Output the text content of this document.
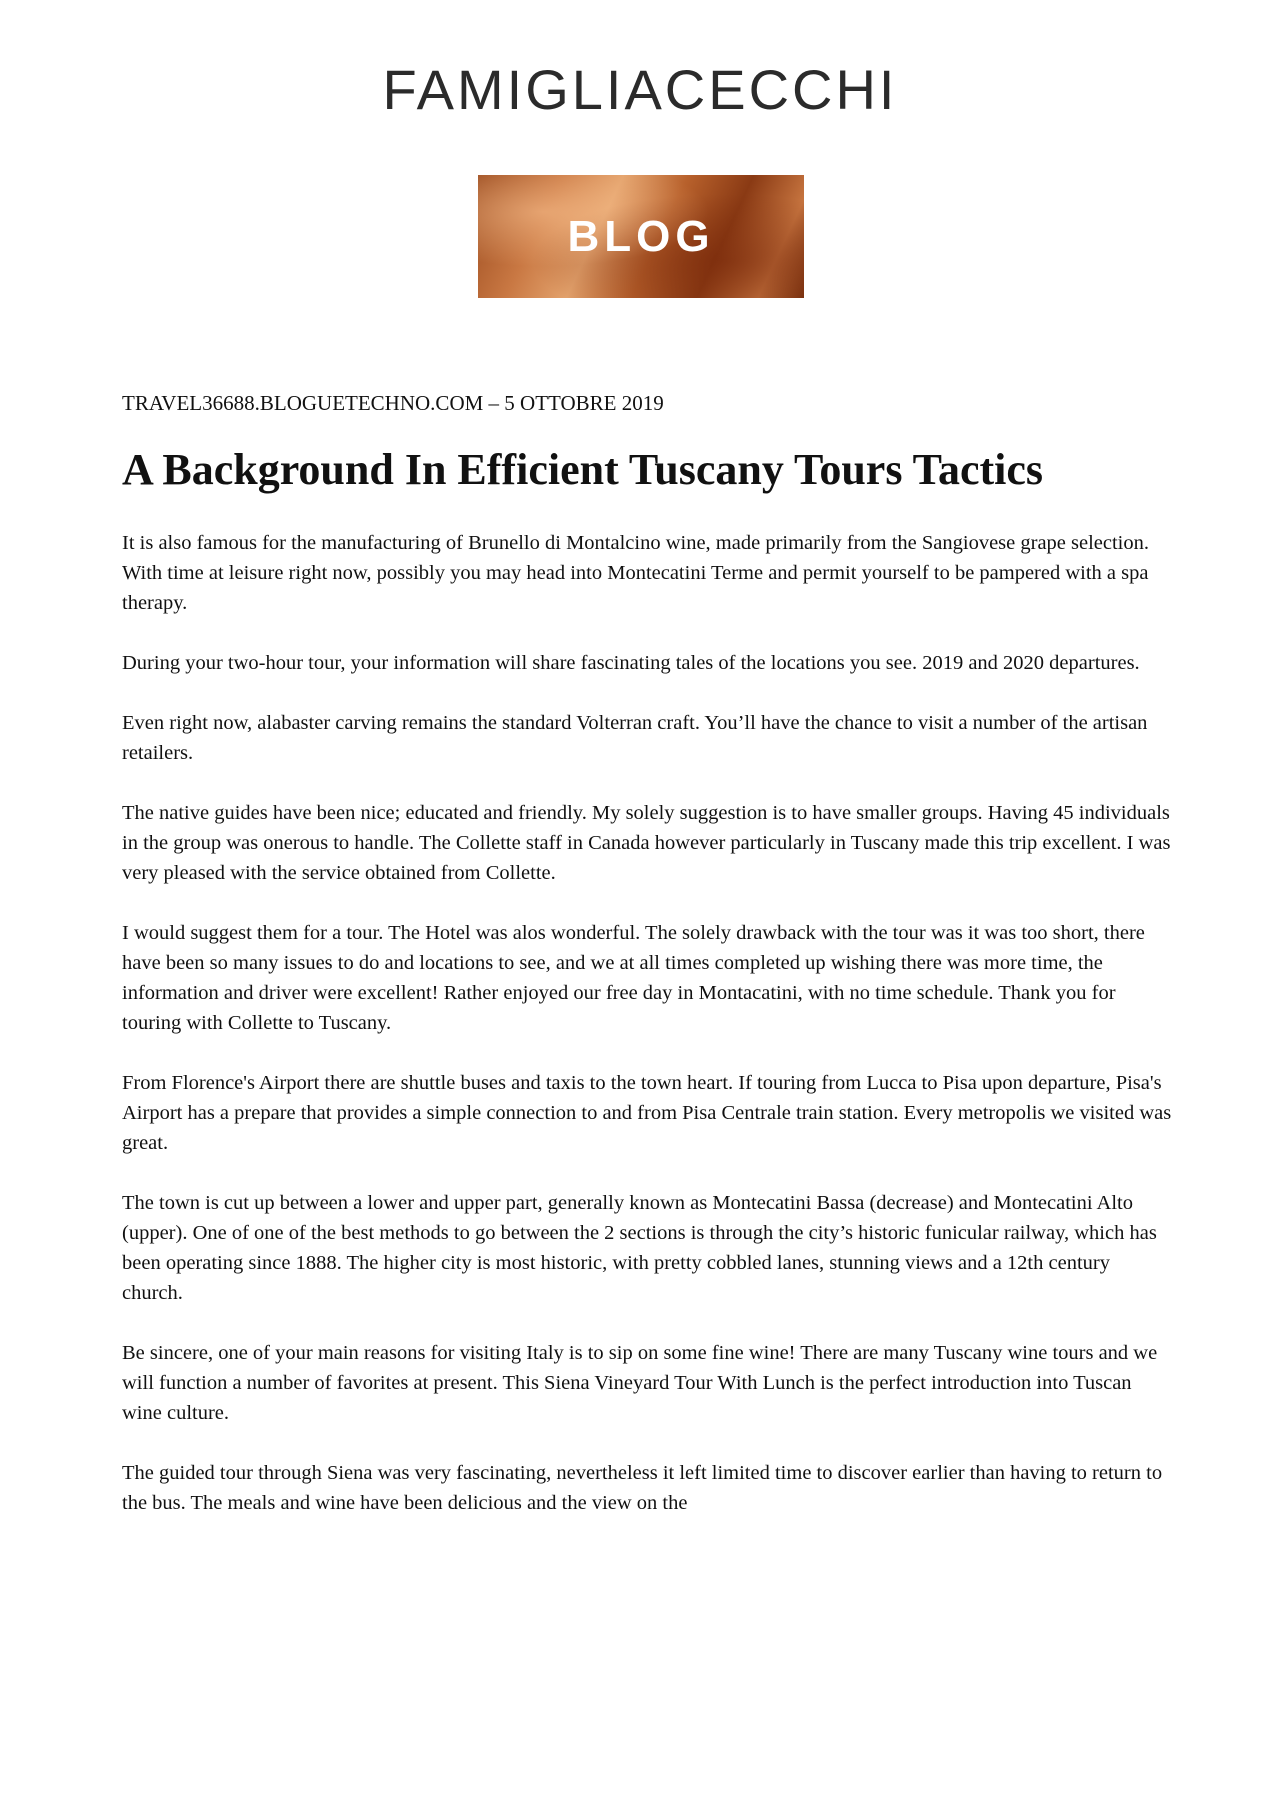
FAMIGLIACECCHI
BLOG
TRAVEL36688.BLOGUETECHNO.COM – 5 OTTOBRE 2019
A Background In Efficient Tuscany Tours Tactics

It is also famous for the manufacturing of Brunello di Montalcino wine, made primarily from the Sangiovese grape selection. With time at leisure right now, possibly you may head into Montecatini Terme and permit yourself to be pampered with a spa therapy.

During your two-hour tour, your information will share fascinating tales of the locations you see. 2019 and 2020 departures.

Even right now, alabaster carving remains the standard Volterran craft. You’ll have the chance to visit a number of the artisan retailers.

The native guides have been nice; educated and friendly. My solely suggestion is to have smaller groups. Having 45 individuals in the group was onerous to handle. The Collette staff in Canada however particularly in Tuscany made this trip excellent. I was very pleased with the service obtained from Collette.

I would suggest them for a tour. The Hotel was alos wonderful. The solely drawback with the tour was it was too short, there have been so many issues to do and locations to see, and we at all times completed up wishing there was more time, the information and driver were excellent! Rather enjoyed our free day in Montacatini, with no time schedule. Thank you for touring with Collette to Tuscany.

From Florence's Airport there are shuttle buses and taxis to the town heart. If touring from Lucca to Pisa upon departure, Pisa's Airport has a prepare that provides a simple connection to and from Pisa Centrale train station. Every metropolis we visited was great.

The town is cut up between a lower and upper part, generally known as Montecatini Bassa (decrease) and Montecatini Alto (upper). One of one of the best methods to go between the 2 sections is through the city’s historic funicular railway, which has been operating since 1888. The higher city is most historic, with pretty cobbled lanes, stunning views and a 12th century church.

Be sincere, one of your main reasons for visiting Italy is to sip on some fine wine! There are many Tuscany wine tours and we will function a number of favorites at present. This Siena Vineyard Tour With Lunch is the perfect introduction into Tuscan wine culture.

The guided tour through Siena was very fascinating, nevertheless it left limited time to discover earlier than having to return to the bus. The meals and wine have been delicious and the view on the
